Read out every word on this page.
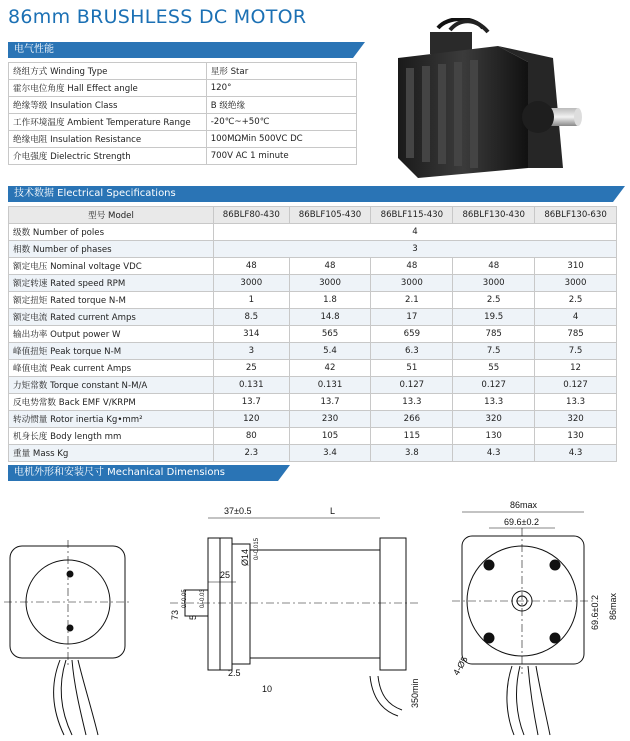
86mm BRUSHLESS DC MOTOR
电气性能
绕组方式 Winding Type	星形 Star
霍尔电位角度 Hall Effect angle	120°
绝缘等级 Insulation Class	B 级绝缘
工作环境温度 Ambient Temperature Range	-20℃~+50℃
绝缘电阻 Insulation Resistance	100MΩMin 500VC DC
介电强度 Dielectric Strength	700V AC 1 minute
技术数据 Electrical Specifications
型号 Model	86BLF80-430	86BLF105-430	86BLF115-430	86BLF130-430	86BLF130-630
级数 Number of poles	4				
相数 Number of phases	3				
额定电压 Nominal voltage VDC	48	48	48	48	310
额定转速 Rated speed RPM	3000	3000	3000	3000	3000
额定扭矩 Rated torque N-M	1	1.8	2.1	2.5	2.5
额定电流 Rated current Amps	8.5	14.8	17	19.5	4
输出功率 Output power W	314	565	659	785	785
峰值扭矩 Peak torque N-M	3	5.4	6.3	7.5	7.5
峰值电流 Peak current Amps	25	42	51	55	12
力矩常数 Torque constant N-M/A	0.131	0.131	0.127	0.127	0.127
反电势常数 Back EMF V/KRPM	13.7	13.7	13.3	13.3	13.3
转动惯量 Rotor inertia Kg•mm²	120	230	266	320	320
机身长度 Body length mm	80	105	115	130	130
重量 Mass Kg	2.3	3.4	3.8	4.3	4.3
电机外形和安装尺寸 Mechanical Dimensions（Unit=mm）
37±0.5	L
Ø14 0/-0.015
25
73
0/-0.05
5
0/-0.03
2.5
10	350min
86max
69.6±0.2
69.6±0.2 86max
4-Ø5
